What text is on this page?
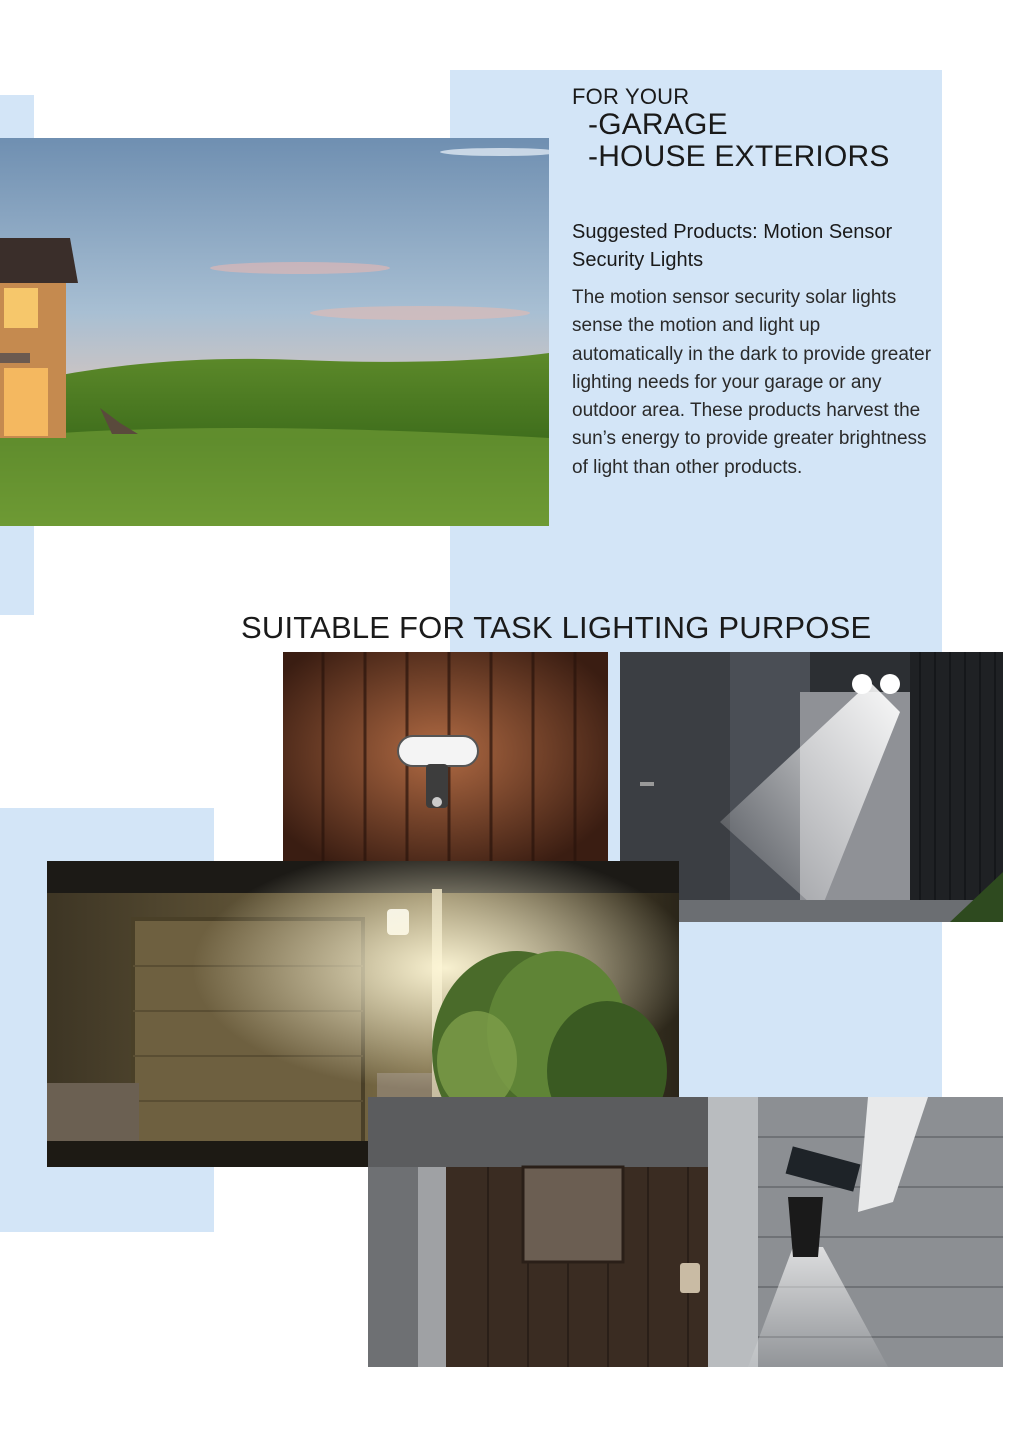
FOR YOUR
-GARAGE
-HOUSE EXTERIORS
Suggested Products: Motion Sensor Security Lights
The motion sensor security solar lights sense the motion and light up automatically in the dark to provide greater lighting needs for your garage or any outdoor area. These products harvest the sun’s energy to provide greater brightness of light than other products.
SUITABLE FOR TASK LIGHTING PURPOSE
